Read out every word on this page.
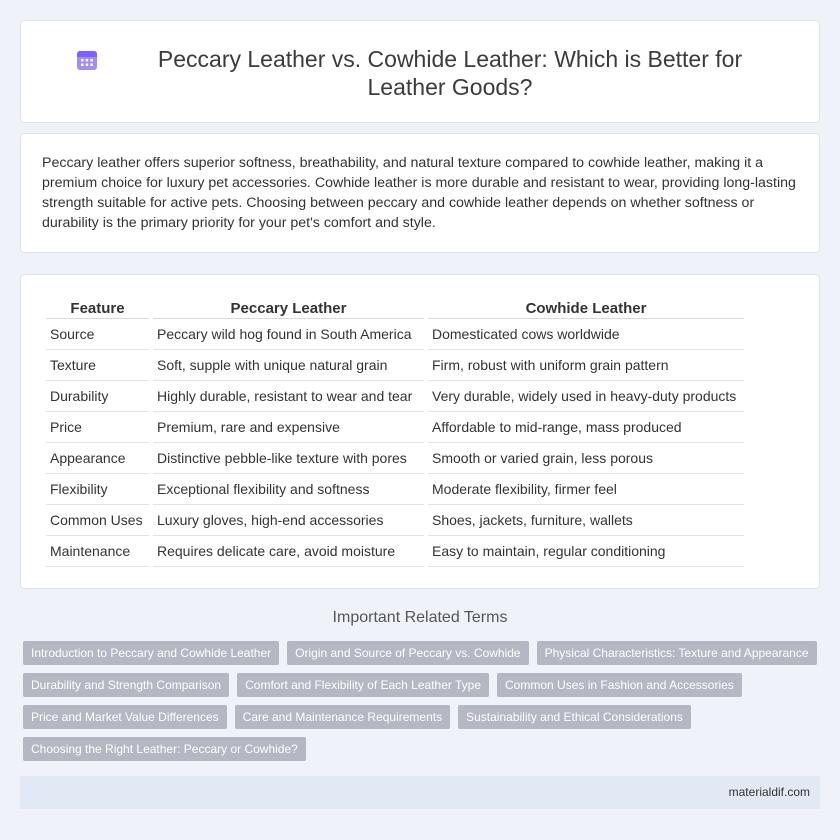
Peccary Leather vs. Cowhide Leather: Which is Better for Leather Goods?

Peccary leather offers superior softness, breathability, and natural texture compared to cowhide leather, making it a premium choice for luxury pet accessories. Cowhide leather is more durable and resistant to wear, providing long-lasting strength suitable for active pets. Choosing between peccary and cowhide leather depends on whether softness or durability is the primary priority for your pet's comfort and style.

Feature	Peccary Leather	Cowhide Leather
Source	Peccary wild hog found in South America	Domesticated cows worldwide
Texture	Soft, supple with unique natural grain	Firm, robust with uniform grain pattern
Durability	Highly durable, resistant to wear and tear	Very durable, widely used in heavy-duty products
Price	Premium, rare and expensive	Affordable to mid-range, mass produced
Appearance	Distinctive pebble-like texture with pores	Smooth or varied grain, less porous
Flexibility	Exceptional flexibility and softness	Moderate flexibility, firmer feel
Common Uses	Luxury gloves, high-end accessories	Shoes, jackets, furniture, wallets
Maintenance	Requires delicate care, avoid moisture	Easy to maintain, regular conditioning
Important Related Terms
Introduction to Peccary and Cowhide Leather	Origin and Source of Peccary vs. Cowhide	Physical Characteristics: Texture and Appearance
Durability and Strength Comparison	Comfort and Flexibility of Each Leather Type	Common Uses in Fashion and Accessories
Price and Market Value Differences	Care and Maintenance Requirements	Sustainability and Ethical Considerations
Choosing the Right Leather: Peccary or Cowhide?
materialdif.com
